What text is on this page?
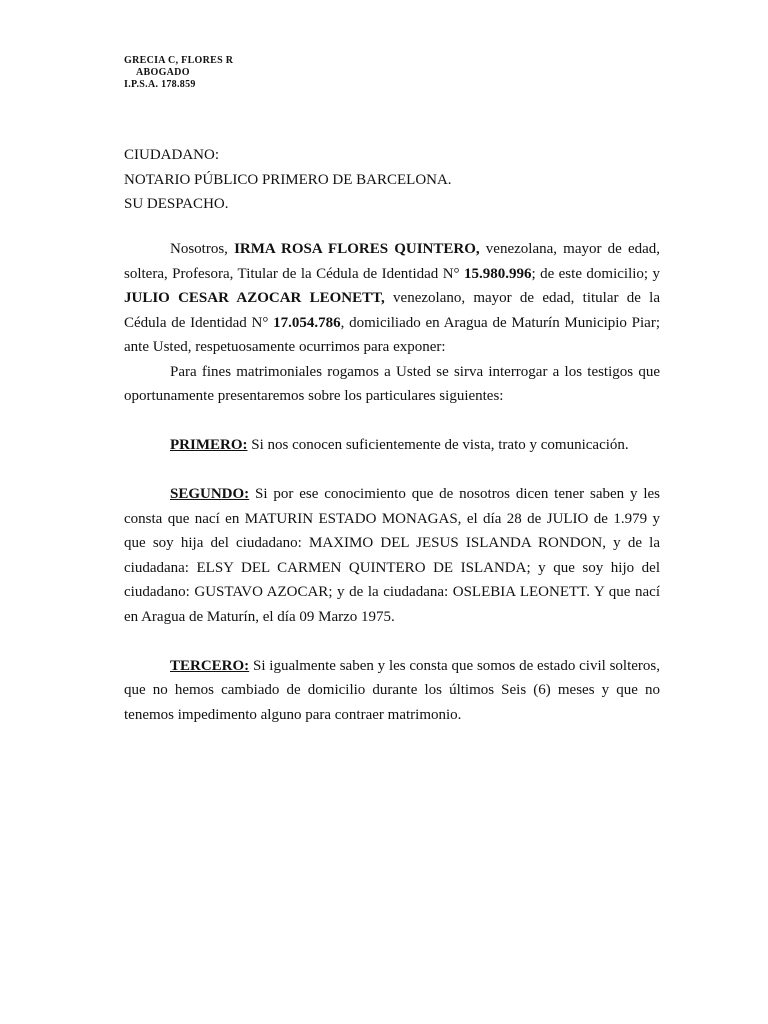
GRECIA C, FLORES R
ABOGADO
I.P.S.A. 178.859
CIUDADANO:
NOTARIO PÚBLICO PRIMERO DE BARCELONA.
SU DESPACHO.

Nosotros, IRMA ROSA FLORES QUINTERO, venezolana, mayor de edad, soltera, Profesora, Titular de la Cédula de Identidad N° 15.980.996; de este domicilio; y JULIO CESAR AZOCAR LEONETT, venezolano, mayor de edad, titular de la Cédula de Identidad N° 17.054.786, domiciliado en Aragua de Maturín Municipio Piar; ante Usted, respetuosamente ocurrimos para exponer:

Para fines matrimoniales rogamos a Usted se sirva interrogar a los testigos que oportunamente presentaremos sobre los particulares siguientes:

PRIMERO: Si nos conocen suficientemente de vista, trato y comunicación.

SEGUNDO: Si por ese conocimiento que de nosotros dicen tener saben y les consta que nací en MATURIN ESTADO MONAGAS, el día 28 de JULIO de 1.979 y que soy hija del ciudadano: MAXIMO DEL JESUS ISLANDA RONDON, y de la ciudadana: ELSY DEL CARMEN QUINTERO DE ISLANDA; y que soy hijo del ciudadano: GUSTAVO AZOCAR; y de la ciudadana: OSLEBIA LEONETT. Y que nací en Aragua de Maturín, el día 09 Marzo 1975.

TERCERO: Si igualmente saben y les consta que somos de estado civil solteros, que no hemos cambiado de domicilio durante los últimos Seis (6) meses y que no tenemos impedimento alguno para contraer matrimonio.
